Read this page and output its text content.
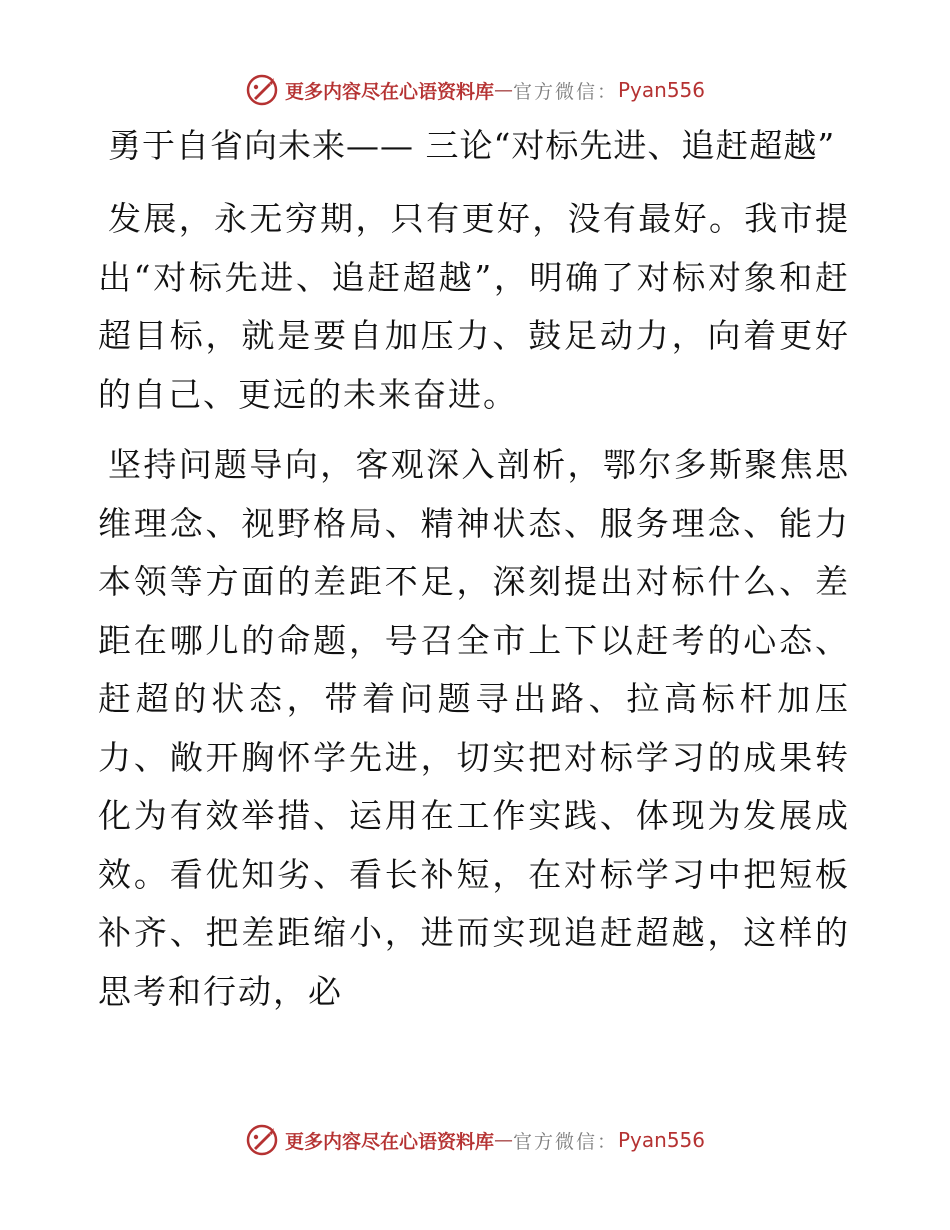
更多内容尽在心语资料库 — 官方微信： Pyan556
勇于自省向未来—— 三论“对标先进、追赶超越”

发展，永无穷期，只有更好，没有最好。我市提出“对标先进、追赶超越”，明确了对标对象和赶超目标，就是要自加压力、鼓足动力，向着更好的自己、更远的未来奋进。

坚持问题导向，客观深入剖析，鄂尔多斯聚焦思维理念、视野格局、精神状态、服务理念、能力本领等方面的差距不足，深刻提出对标什么、差距在哪儿的命题，号召全市上下以赶考的心态、赶超的状态，带着问题寻出路、拉高标杆加压力、敞开胸怀学先进，切实把对标学习的成果转化为有效举措、运用在工作实践、体现为发展成效。看优知劣、看长补短，在对标学习中把短板补齐、把差距缩小，进而实现追赶超越，这样的思考和行动，必

更多内容尽在心语资料库 — 官方微信： Pyan556
